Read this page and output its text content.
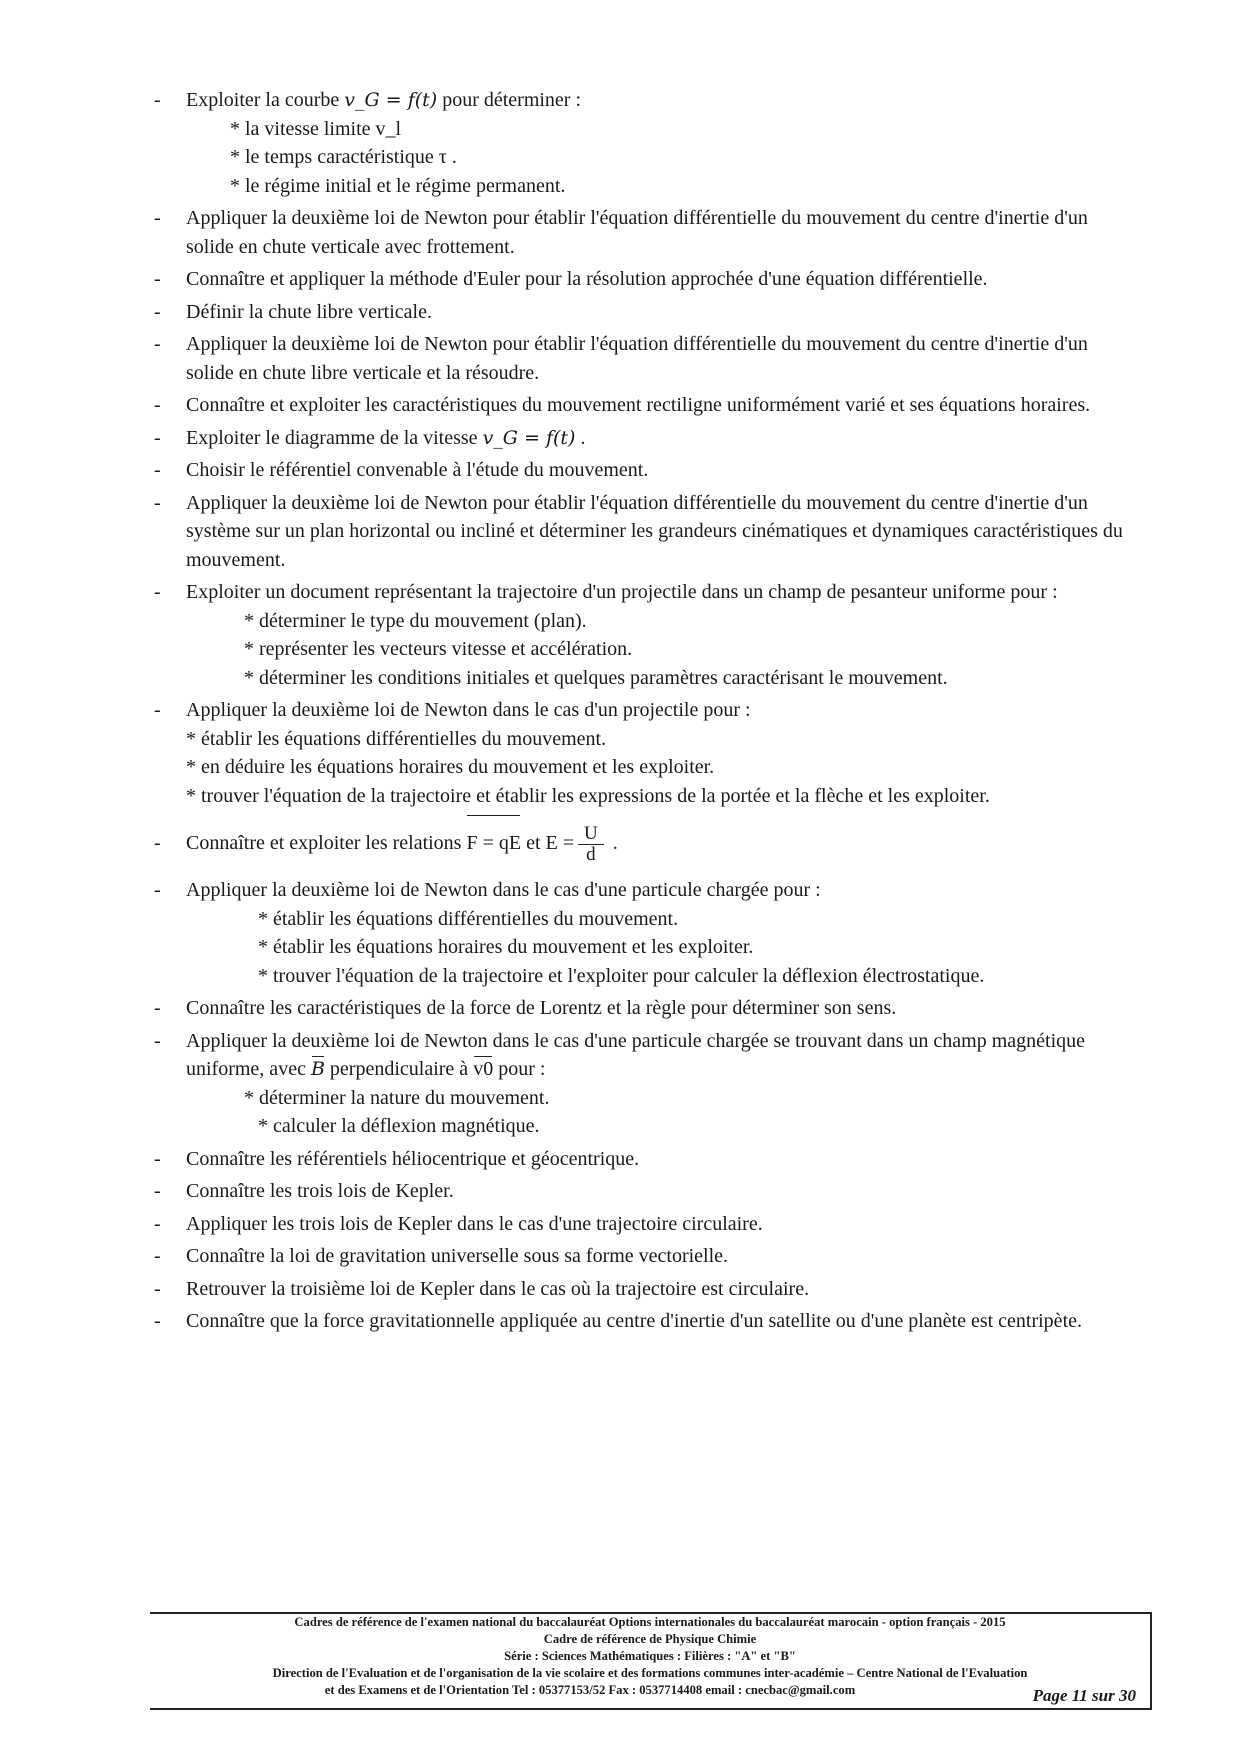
- Exploiter la courbe v_G = f(t) pour déterminer :
* la vitesse limite v_l
* le temps caractéristique τ .
* le régime initial et le régime permanent.
- Appliquer la deuxième loi de Newton pour établir l'équation différentielle du mouvement du centre d'inertie d'un solide en chute verticale avec frottement.
- Connaître et appliquer la méthode d'Euler pour la résolution approchée d'une équation différentielle.
- Définir la chute libre verticale.
- Appliquer la deuxième loi de Newton pour établir l'équation différentielle du mouvement du centre d'inertie d'un solide en chute libre verticale et la résoudre.
- Connaître et exploiter les caractéristiques du mouvement rectiligne uniformément varié et ses équations horaires.
- Exploiter le diagramme de la vitesse v_G = f(t) .
- Choisir le référentiel convenable à l'étude du mouvement.
- Appliquer la deuxième loi de Newton pour établir l'équation différentielle du mouvement du centre d'inertie d'un système sur un plan horizontal ou incliné et déterminer les grandeurs cinématiques et dynamiques caractéristiques du mouvement.
- Exploiter un document représentant la trajectoire d'un projectile dans un champ de pesanteur uniforme pour :
* déterminer le type du mouvement (plan).
* représenter les vecteurs vitesse et accélération.
* déterminer les conditions initiales et quelques paramètres caractérisant le mouvement.
- Appliquer la deuxième loi de Newton dans le cas d'un projectile pour :
* établir les équations différentielles du mouvement.
* en déduire les équations horaires du mouvement et les exploiter.
* trouver l'équation de la trajectoire et établir les expressions de la portée et la flèche et les exploiter.
- Connaître et exploiter les relations F = qE et $E = \frac{U}{d}$ .
- Appliquer la deuxième loi de Newton dans le cas d'une particule chargée pour :
* établir les équations différentielles du mouvement.
* établir les équations horaires du mouvement et les exploiter.
* trouver l'équation de la trajectoire et l'exploiter pour calculer la déflexion électrostatique.
- Connaître les caractéristiques de la force de Lorentz et la règle pour déterminer son sens.
- Appliquer la deuxième loi de Newton dans le cas d'une particule chargée se trouvant dans un champ magnétique uniforme, avec B perpendiculaire à v0 pour :
* déterminer la nature du mouvement.
* calculer la déflexion magnétique.
- Connaître les référentiels héliocentrique et géocentrique.
- Connaître les trois lois de Kepler.
- Appliquer les trois lois de Kepler dans le cas d'une trajectoire circulaire.
- Connaître la loi de gravitation universelle sous sa forme vectorielle.
- Retrouver la troisième loi de Kepler dans le cas où la trajectoire est circulaire.
- Connaître que la force gravitationnelle appliquée au centre d'inertie d'un satellite ou d'une planète est centripète.
Cadres de référence de l'examen national du baccalauréat Options internationales du baccalauréat marocain - option français - 2015
Cadre de référence de Physique Chimie
Série : Sciences Mathématiques : Filières : "A" et "B"
Direction de l'Evaluation et de l'organisation de la vie scolaire et des formations communes inter-académie – Centre National de l'Evaluation
et des Examens et de l'Orientation Tel : 05377153/52 Fax : 0537714408 email : cnecbac@gmail.com	Page 11 sur 30
